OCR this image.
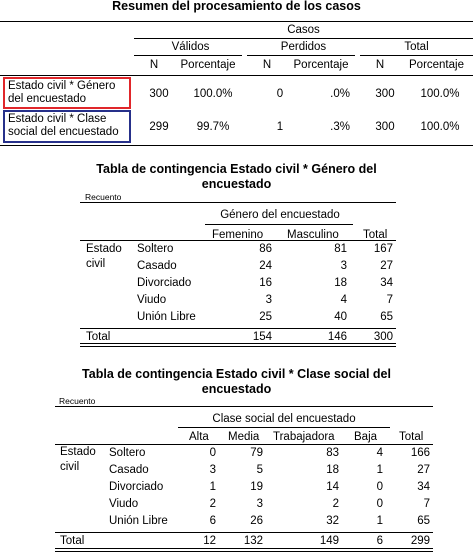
Resumen del procesamiento de los casos
Casos
Válidos	Perdidos	Total
N	Porcentaje	N	Porcentaje	N	Porcentaje
Estado civil * Género
del encuestado	300	100.0%	0	.0%	300	100.0%
Estado civil * Clase
social del encuestado	299	99.7%	1	.3%	300	100.0%
Tabla de contingencia Estado civil * Género del
encuestado
Recuento
Género del encuestado
Femenino Masculino Total
Estado
civil
Soltero	86	81	167
Casado	24	3	27
Divorciado	16	18	34
Viudo	3	4	7
Unión Libre	25	40	65
Total	154	146	300
Tabla de contingencia Estado civil * Clase social del
encuestado
Recuento
Clase social del encuestado
Alta Media Trabajadora Baja Total
Estado
civil
Soltero	0	79	83	4	166
Casado	3	5	18	1	27
Divorciado	1	19	14	0	34
Viudo	2	3	2	0	7
Unión Libre	6	26	32	1	65
Total	12	132	149	6	299
